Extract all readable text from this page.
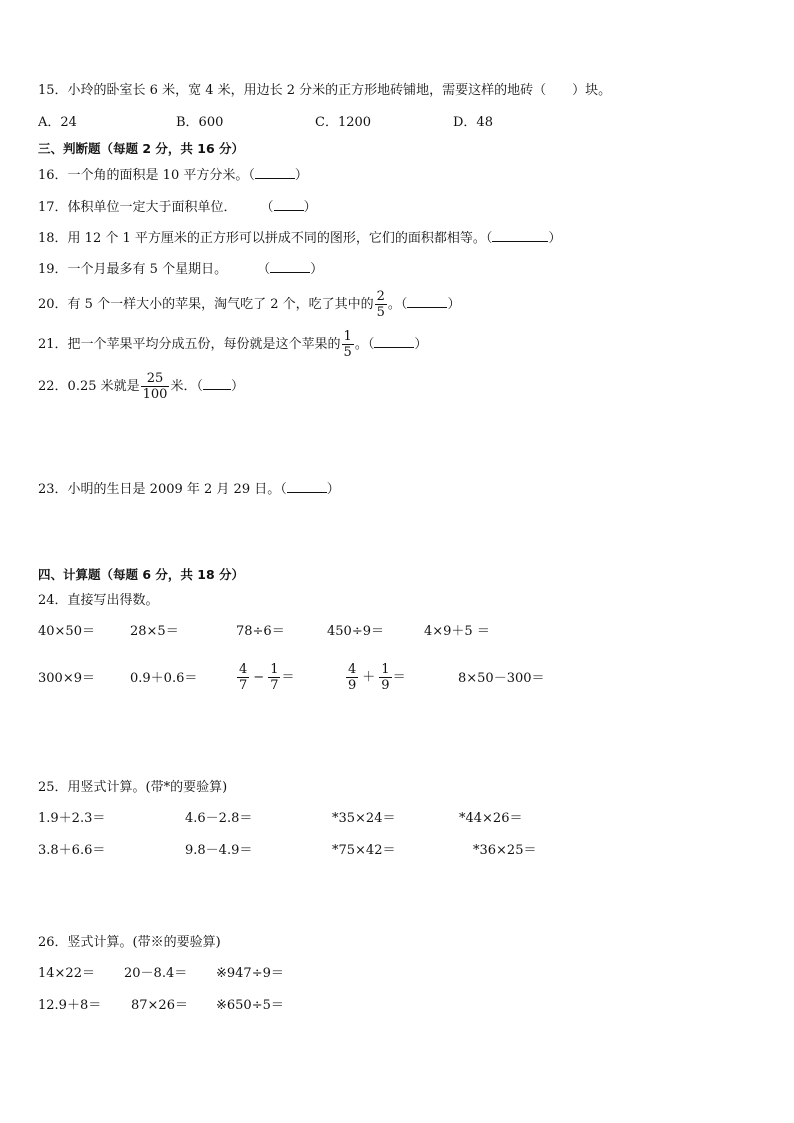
15．小玲的卧室长 6 米，宽 4 米，用边长 2 分米的正方形地砖铺地，需要这样的地砖（　　）块。
A．24	B．600	C．1200	D．48
三、判断题（每题 2 分，共 16 分）
16．一个角的面积是 10 平方分米。（	）
17．体积单位一定大于面积单位． （ ）
18．用 12 个 1 平方厘米的正方形可以拼成不同的图形，它们的面积都相等。（	）
19．一个月最多有 5 个星期日。 （	）
20．有 5 个一样大小的苹果，淘气吃了 2 个，吃了其中的 $\frac{2}{5}$ 。（	）
21．把一个苹果平均分成五份，每份就是这个苹果的 $\frac{1}{5}$ 。（	）
22．0.25 米就是 $\frac{25}{100}$ 米．（ ）
23．小明的生日是 2009 年 2 月 29 日。（	）
四、计算题（每题 6 分，共 18 分）
24．直接写出得数。
40×50＝	28×5＝	78÷6＝	450÷9＝	4×9＋5 ＝
300×9＝	0.9＋0.6＝	$\frac{4}{7} - \frac{1}{7}$ ＝	$\frac{4}{9} + \frac{1}{9}$ ＝	8×50－300＝
25．用竖式计算。(带*的要验算)
1.9＋2.3＝	4.6－2.8＝	*35×24＝	*44×26＝
3.8＋6.6＝	9.8－4.9＝	*75×42＝	*36×25＝
26．竖式计算。(带※的要验算)
14×22＝ 20－8.4＝ ※947÷9＝
12.9＋8＝ 87×26＝ ※650÷5＝
